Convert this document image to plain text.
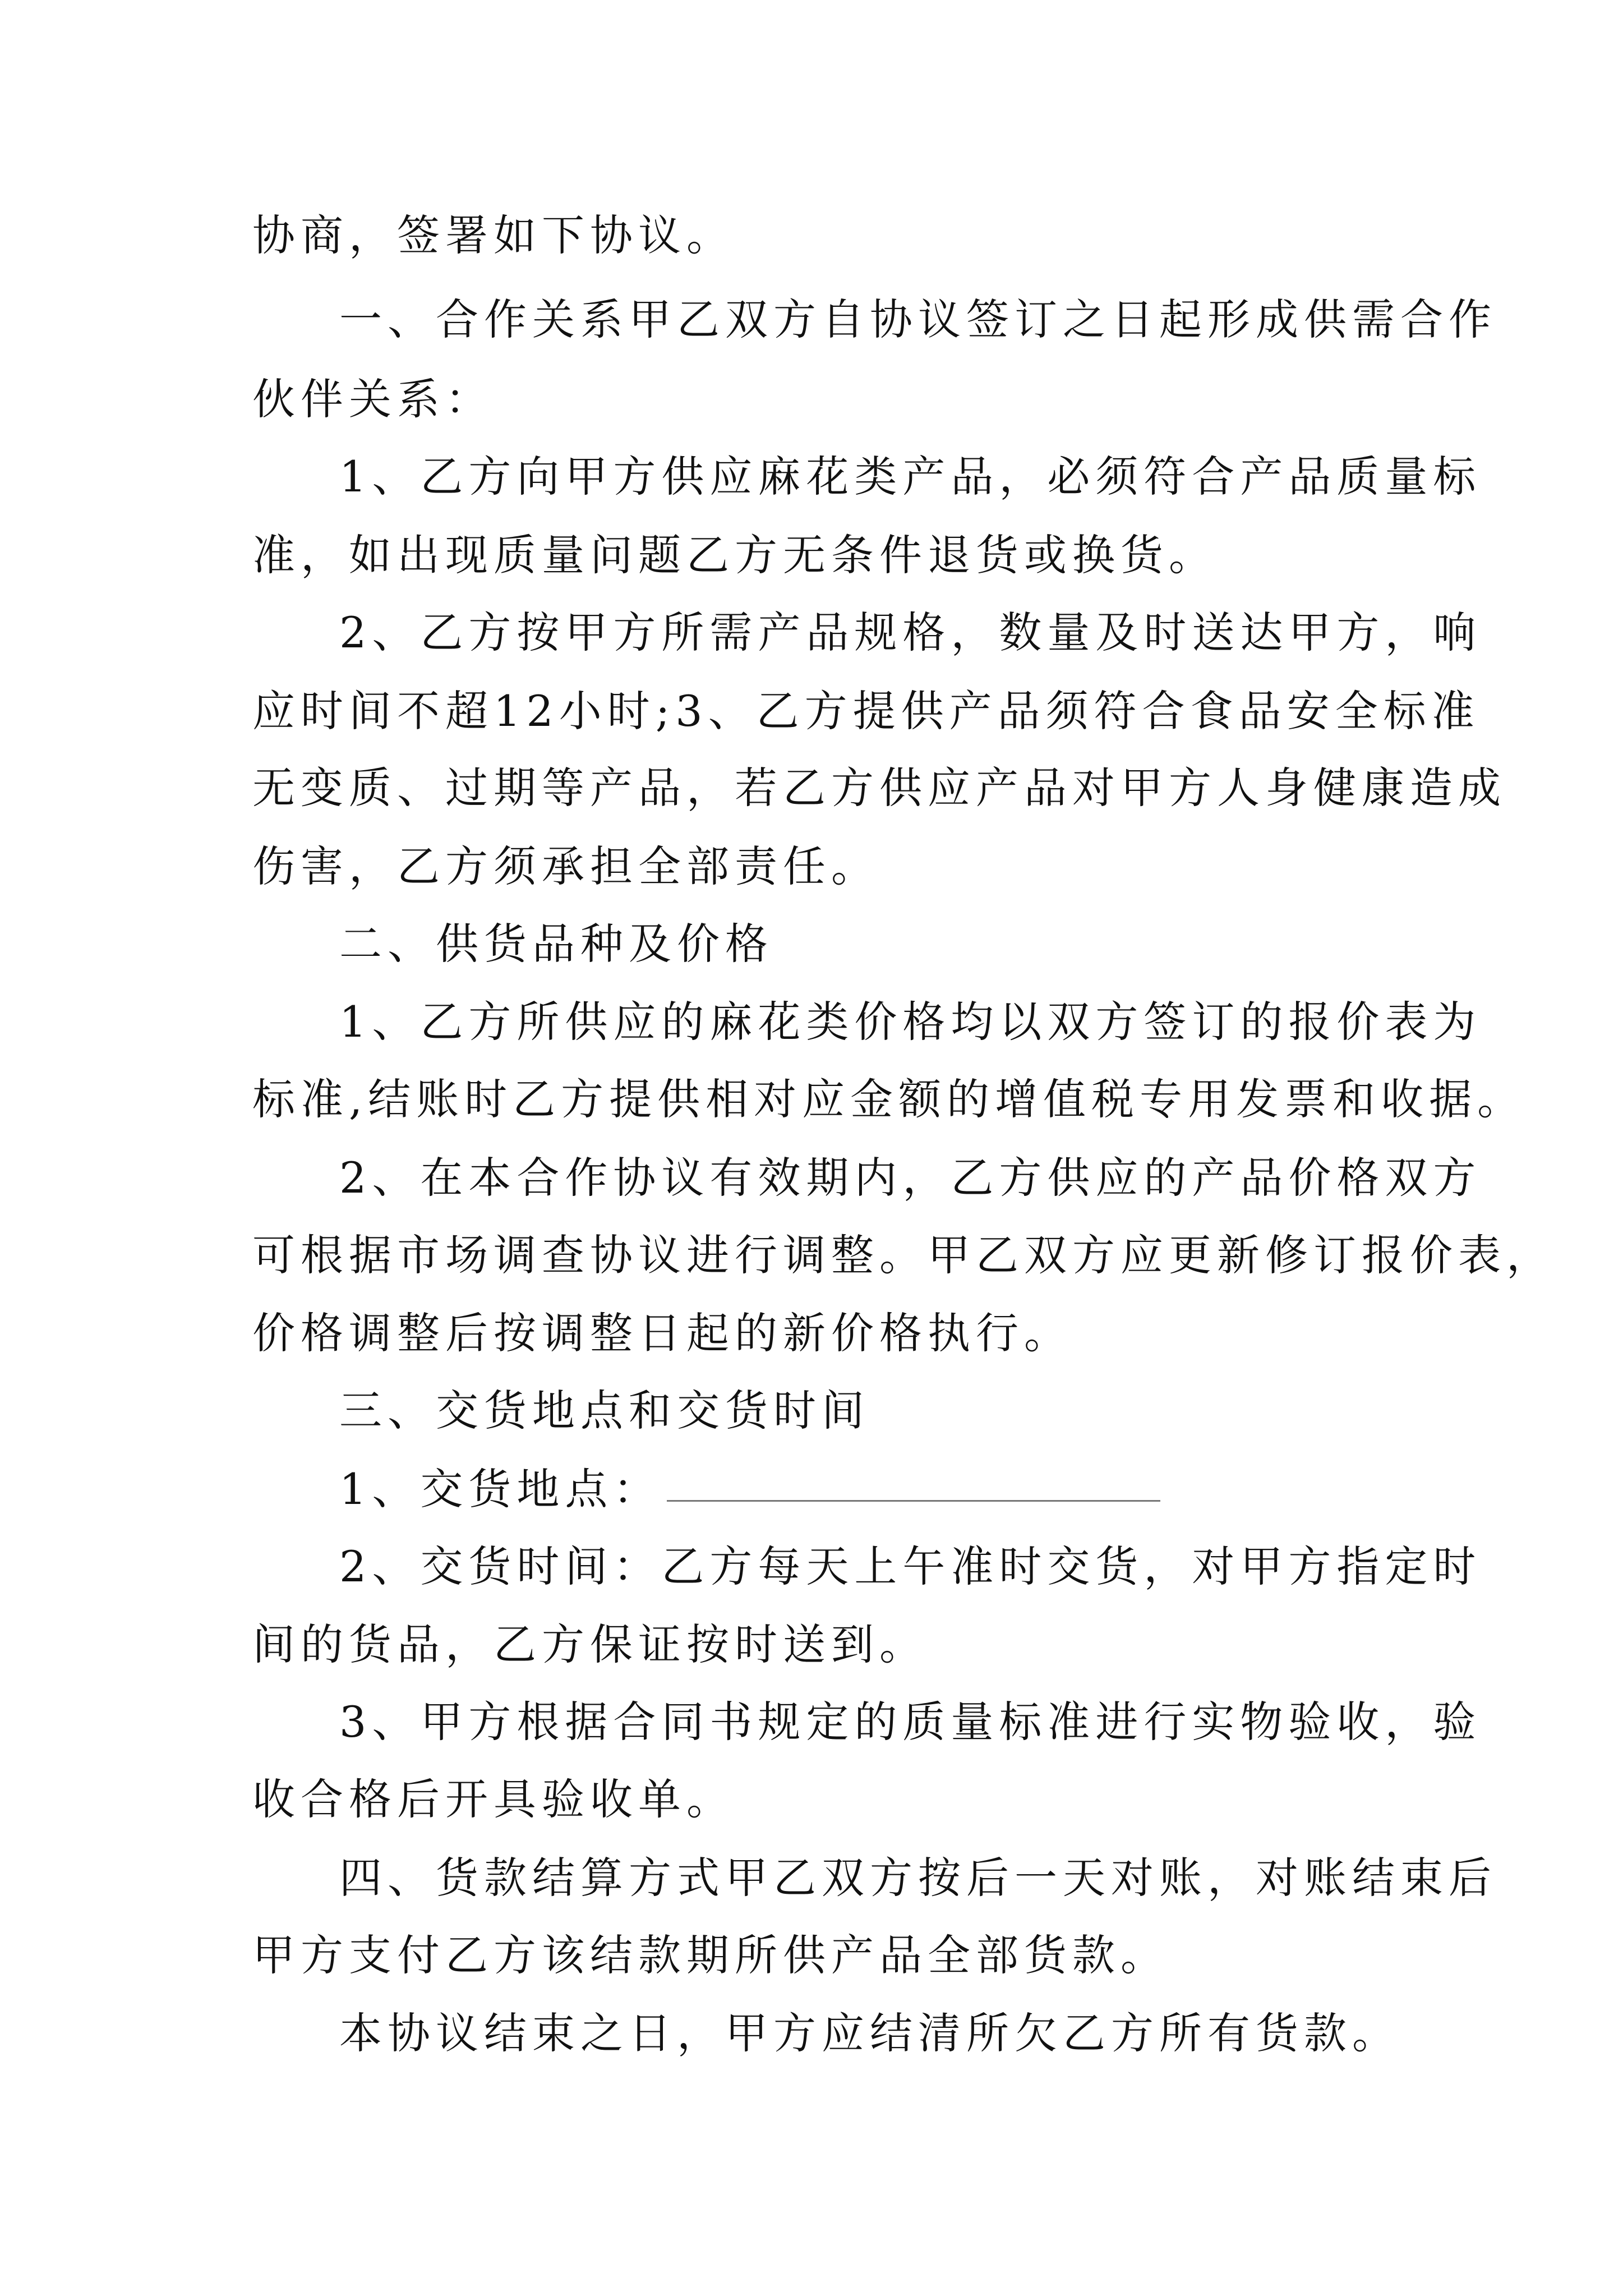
协商，签署如下协议。
一、合作关系甲乙双方自协议签订之日起形成供需合作
伙伴关系：
1、乙方向甲方供应麻花类产品，必须符合产品质量标
准，如出现质量问题乙方无条件退货或换货。
2、乙方按甲方所需产品规格，数量及时送达甲方，响
应时间不超12小时;3、乙方提供产品须符合食品安全标准
无变质、过期等产品，若乙方供应产品对甲方人身健康造成
伤害，乙方须承担全部责任。
二、供货品种及价格
1、乙方所供应的麻花类价格均以双方签订的报价表为
标准,结账时乙方提供相对应金额的增值税专用发票和收据。
2、在本合作协议有效期内，乙方供应的产品价格双方
可根据市场调查协议进行调整。甲乙双方应更新修订报价表，
价格调整后按调整日起的新价格执行。
三、交货地点和交货时间
1、交货地点：
2、交货时间：乙方每天上午准时交货，对甲方指定时
间的货品，乙方保证按时送到。
3、甲方根据合同书规定的质量标准进行实物验收，验
收合格后开具验收单。
四、货款结算方式甲乙双方按后一天对账，对账结束后
甲方支付乙方该结款期所供产品全部货款。
本协议结束之日，甲方应结清所欠乙方所有货款。
